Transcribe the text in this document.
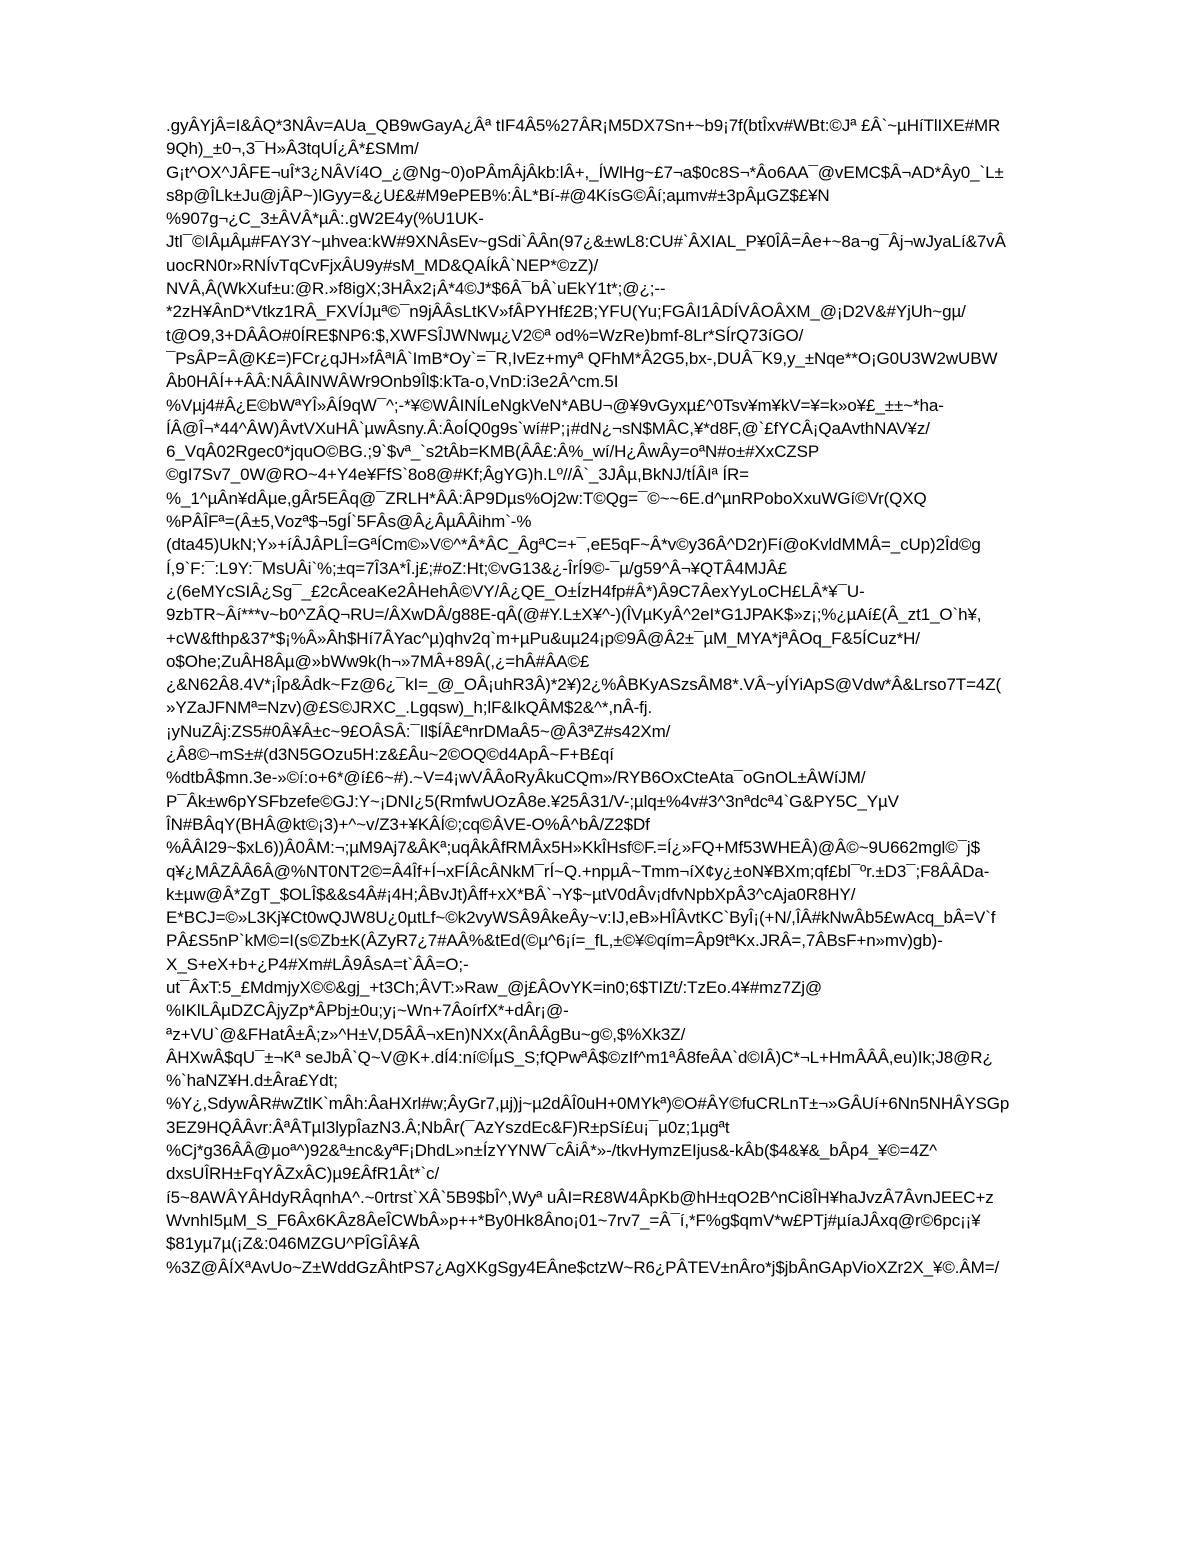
.gyÂYjÂ=I&ÂQ*3NÂv=AUa_QB9wGayA¿Âª tIF4Â5%27ÂR¡M5DX7Sn+~b9¡7f(btÎxv#WBt:©Jª £Â`~µHíTlIXE#MR
9Qh)_±0¬,3¯H»Â3tqUÍ¿Â*£SMm/
G¡t^OX^JÂFE¬uÎ*3¿NÂVí4O_¿@Ng~0)oPÂmÂjÂkb:lÂ+,_ÍWlHg~£7¬a$0c8S¬*Âo6AA¯@vEMC$Â¬AD*Ây0_`L±
s8p@ÎLk±Ju@jÂP~)lGyy=&¿U£&#M9ePEB%:ÂL*Bí-#@4KísG©Âí;aµmv#±3pÂµGZ$£¥N
%907g¬¿C_3±ÂVÂ*µÂ:.gW2E4y(%U1UK-
Jtl¯©IÂµÂµ#FAY3Y~µhvea:kW#9XNÂsEv~gSdi`ÂÂn(97¿&±wL8:CU#`ÂXIAL_P¥0ÎÂ=Âe+~8a¬g¯Âj¬wJyaLí&7vÂ
uocRN0r»RNÍvTqCvFjxÂU9y#sM_MD&QAÍkÂ`NEP*©zZ)/
NVÂ,Â(WkXuf±u:@R.»f8igX;3HÂx2¡Â*4©J*$6Â¯bÂ`uEkY1t*;@¿;--
*2zH¥ÂnD*Vtkz1RÂ_FXVÍJµª©¯n9jÂÂsLtKV»fÂPYHf£2B;YFU(Yu;FGÂI1ÂDÍVÂOÂXM_@¡D2V&#YjUh~gµ/
t@O9,3+DÂÂO#0ÍRE$NP6:$,XWFSÎJWNwµ¿V2©ª od%=WzRe)bmf-8Lr*SÍrQ73íGO/
¯PsÂP=Â@K£=)FCr¿qJH»fÂªIÂ`ImB*Oy`=¯R,IvEz+myª QFhM*Â2G5,bx-,DUÂ¯K9,y_±Nqe**O¡G0U3W2wUBW
Âb0HÂÍ++ÂÂ:NÂÂINWÂWr9Onb9Îl$:kTa-o,VnD:i3e2Â^cm.5I
%Vµj4#Â¿E©bWªYÎ»ÂÍ9qW¯^;-*¥©WÂINÍLeNgkVeN*ABU¬@¥9vGyxµ£^0Tsv¥m¥kV=¥=k»o¥£_±±~*ha-
ÍÂ@Î¬*44^ÂW)ÂvtVXuHÂ`µwÂsny.Â:ÂoÍQ0g9s`wí#P;¡#dN¿¬sN$MÂC,¥*d8F,@`£fYCÂ¡QaAvthNAV¥z/
6_VqÂ02Rgec0*jquO©BG.;9`$vª_`s2tÂb=KMB(ÂÂ£:Â%_wí/H¿ÂwÂy=oªN#o±#XxCZSP
©gI7Sv7_0W@RO~4+Y4e¥FfS`8o8@#Kf;ÂgYG)h.Lº//Â`_3JÂµ,BkNJ/tÍÂIª ÍR=
%_1^µÂn¥dÂµe,gÂr5EÂq@¯ZRLH*ÂÂ:ÂP9Dµs%Oj2w:T©Qg=¯©~~6E.d^µnRPoboXxuWGí©Vr(QXQ
%PÂÎFª=(Â±5,Vozª$¬5gÍ`5FÂs@Â¿ÂµÂÂihm`-%
(dta45)UkN;Y»+íÂJÂPLÎ=GªÍCm©»V©^*Â*ÂC_ÂgªC=+¯,eE5qF~Â*v©y36Â^D2r)Fí@oKvldMMÂ=_cUp)2Îd©g
Í,9`F:¯:L9Y:¯MsUÂi`%;±q=7Î3A*Î.j£;#oZ:Ht;©vG13&¿-ÎrÍ9©-¯µ/g59^Â¬¥QTÂ4MJÂ£
¿(6eMYcSIÂ¿Sg¯_£2cÂceaKe2ÂHehÂ©VY/Â¿QE_O±ÍzH4fp#Â*)Â9C7ÂexYyLoCH£LÂ*¥¯U-
9zbTR~Âí***v~b0^ZÂQ¬RU=/ÂXwDÂ/g88E-qÂ(@#Y.L±X¥^-)(ÎVµKyÂ^2eI*G1JPAK$»z¡;%¿µAí£(Â_zt1_O`h¥,
+cW&fthp&37*$¡%Â»Âh$Hí7ÂYac^µ)qhv2q`m+µPu&uµ24¡p©9Â@Â2±¯µM_MYA*jªÂOq_F&5ÍCuz*H/
o$Ohe;ZuÂH8Âµ@»bWw9k(h¬»7MÂ+89Â(,¿=hÂ#ÂA©£
¿&N62Â8.4V*¡Îp&Âdk~Fz@6¿¯kI=_@_OÂ¡uhR3Â)*2¥)2¿%ÂBKyASzsÂM8*.VÂ~yÍYiApS@Vdw*Â&Lrso7T=4Z(
»YZaJFNMª=Nzv)@£S©JRXC_.Lgqsw)_h;lF&IkQÂM$2&^*,nÂ-fj.
¡yNuZÂj:ZS5#0Â¥Â±c~9£OÂSÂ:¯Il$ÍÂ£ªnrDMaÂ5~@Â3ªZ#s42Xm/
¿Â8©¬mS±#(d3N5GOzu5H:z&£Âu~2©OQ©d4ApÂ~F+B£qí
%dtbÂ$mn.3e-»©í:o+6*@í£6~#).~V=4¡wVÂÂoRyÂkuCQm»/RYB6OxCteAta¯oGnOL±ÂWíJM/
P¯Âk±w6pYSFbzefe©GJ:Y~¡DNI¿5(RmfwUOzÂ8e.¥25Â31/V-;µlq±%4v#3^3nªdcª4`G&PY5C_YµV
ÎN#BÂqY(BHÂ@kt©¡3)+^~v/Z3+¥KÂÍ©;cq©ÂVE-O%Â^bÂ/Z2$Df
%ÂÂI29~$xL6))Â0ÂM:¬;µM9Aj7&ÂKª;uqÂkÂfRMÂx5H»KkÎHsf©F.=Í¿»FQ+Mf53WHEÂ)@Â©~9U662mgl©¯j$
q¥¿MÂZÂÂ6Â@%NT0NT2©=Â4Îf+Í¬xFÍÂcÂNkM¯rÍ~Q.+npµÂ~Tmm¬íX¢y¿±oN¥BXm;qf£bl¯ºr.±D3¯;F8ÂÂDa-
k±µw@Â*ZgT_$OLÎ$&&s4Â#¡4H;ÂBvJt)Âff+xX*BÂ`¬Y$~µtV0dÂv¡dfvNpbXpÂ3^cAja0R8HY/
E*BCJ=©»L3Kj¥Ct0wQJW8U¿0µtLf~©k2vyWSÂ9ÂkeÂy~v:IJ,eB»HÎÂvtKC`ByÎ¡(+N/,ÎÂ#kNwÂb5£wAcq_bÂ=V`f
PÂ£S5nP`kM©=I(s©Zb±K(ÂZyR7¿7#AÂ%&tEd(©µ^6¡í=_fL,±©¥©qím=Âp9tªKx.JRÂ=,7ÂBsF+n»mv)gb)-
X_S+eX+b+¿P4#Xm#LÂ9ÂsA=t`ÂÂ=O;-
ut¯ÂxT:5_£MdmjyX©©&gj_+t3Ch;ÂVT:»Raw_@j£ÂOvYK=in0;6$TIZt/:TzEo.4¥#mz7Zj@
%IKlLÂµDZCÂjyZp*ÂPbj±0u;y¡~Wn+7ÂoírfX*+dÂr¡@-
ªz+VU`@&FHatÂ±Â;z»^H±V,D5ÂÂ¬xEn)NXx(ÂnÂÂgBu~g©,$%Xk3Z/
ÂHXwÂ$qU¯±¬Kª seJbÂ`Q~V@K+.dÍ4:ní©ÍµS_S;fQPwªÂ$©zIf^m1ªÂ8feÂA`d©IÂ)C*¬L+HmÂÂÂ,eu)Ik;J8@R¿
%`haNZ¥H.d±Âra£Ydt;
%Y¿,SdywÂR#wZtlK`mÂh:ÂaHXrl#w;ÂyGr7,µj)j~µ2dÂÎ0uH+0MYkª)©O#ÂY©fuCRLnT±¬»GÂUí+6Nn5NHÂYSGp
3EZ9HQÂÂvr:ÂªÂTµI3lypÎazN3.Â;NbÂr(¯AzYszdEc&F)R±pSí£u¡¯µ0z;1µgªt
%Cj*g36ÂÂ@µoª^)92&ª±nc&yªF¡DhdL»n±ÍzYYNW¯cÂiÂ*»-/tkvHymzEIjus&-kÂb($4&¥&_bÂp4_¥©=4Z^
dxsUÎRH±FqYÂZxÂC)µ9£ÂfR1Ât*`c/
í5~8AWÂYÂHdyRÂqnhA^.~0rtrst`XÂ`5B9$bÎ^,Wyª uÂI=R£8W4ÂpKb@hH±qO2B^nCi8ÎH¥haJvzÂ7ÂvnJEEC+z
WvnhI5µM_S_F6Âx6KÂz8ÂeÎCWbÂ»p++*By0Hk8Âno¡01~7rv7_=Â¯í,*F%g$qmV*w£PTj#µíaJÂxq@r©6pc¡¡¥
$81yµ7µ(¡Z&:046MZGU^PÎGÎÂ¥Â
%3Z@ÂÍXªAvUo~Z±WddGzÂhtPS7¿AgXKgSgy4EÂne$ctzW~R6¿PÂTEV±nÂro*j$jbÂnGApVioXZr2X_¥©.ÂM=/
